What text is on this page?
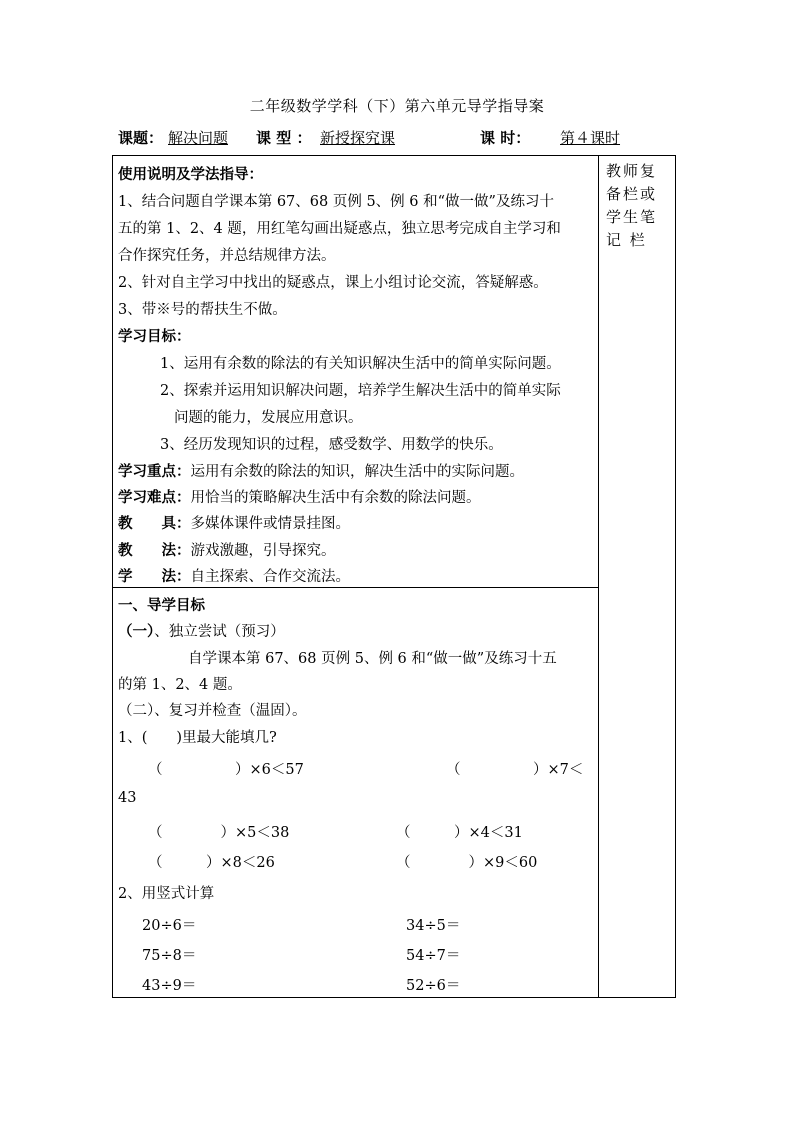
二年级数学学科（下）第六单元导学指导案
课题： 解决问题 课 型 ： 新授探究课	课 时：	第４课时
教师复
备栏或
学生笔
记 栏
使用说明及学法指导：
1、结合问题自学课本第 67、68 页例 5、例 6 和“做一做”及练习十
五的第 1、2、4 题，用红笔勾画出疑惑点，独立思考完成自主学习和
合作探究任务，并总结规律方法。
2、针对自主学习中找出的疑惑点，课上小组讨论交流，答疑解惑。
3、带※号的帮扶生不做。
学习目标：
1、运用有余数的除法的有关知识解决生活中的简单实际问题。
2、探索并运用知识解决问题，培养学生解决生活中的简单实际
问题的能力，发展应用意识。
3、经历发现知识的过程，感受数学、用数学的快乐。
学习重点：运用有余数的除法的知识，解决生活中的实际问题。
学习难点：用恰当的策略解决生活中有余数的除法问题。
教　　具：多媒体课件或情景挂图。
教　　法：游戏激趣，引导探究。
学　　法：自主探索、合作交流法。
一、导学目标
（一）、独立尝试（预习）
自学课本第 67、68 页例 5、例 6 和“做一做”及练习十五
的第 1、2、4 题。
（二）、复习并检查（温固）。
1、(　　)里最大能填几?
（　　　　　）×6＜57	（　　　　　）×7＜
43
（　　　　）×5＜38	（　　　）×4＜31
（　　　）×8＜26	（　　　　）×9＜60
2、用竖式计算
20÷6＝	34÷5＝
75÷8＝	54÷7＝
43÷9＝	52÷6＝
